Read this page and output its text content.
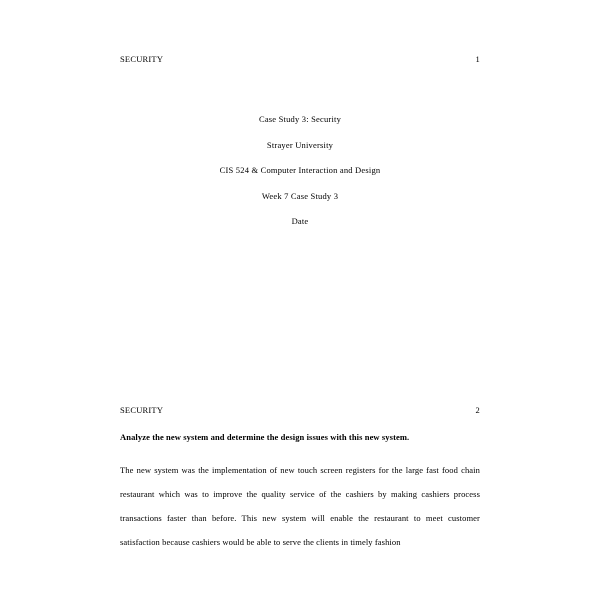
SECURITY	1
Case Study 3: Security
Strayer University
CIS 524 & Computer Interaction and Design
Week 7 Case Study 3
Date
SECURITY	2
Analyze the new system and determine the design issues with this new system.

The new system was the implementation of new touch screen registers for the large fast food chain restaurant which was to improve the quality service of the cashiers by making cashiers process transactions faster than before. This new system will enable the restaurant to meet customer satisfaction because cashiers would be able to serve the clients in timely fashion
